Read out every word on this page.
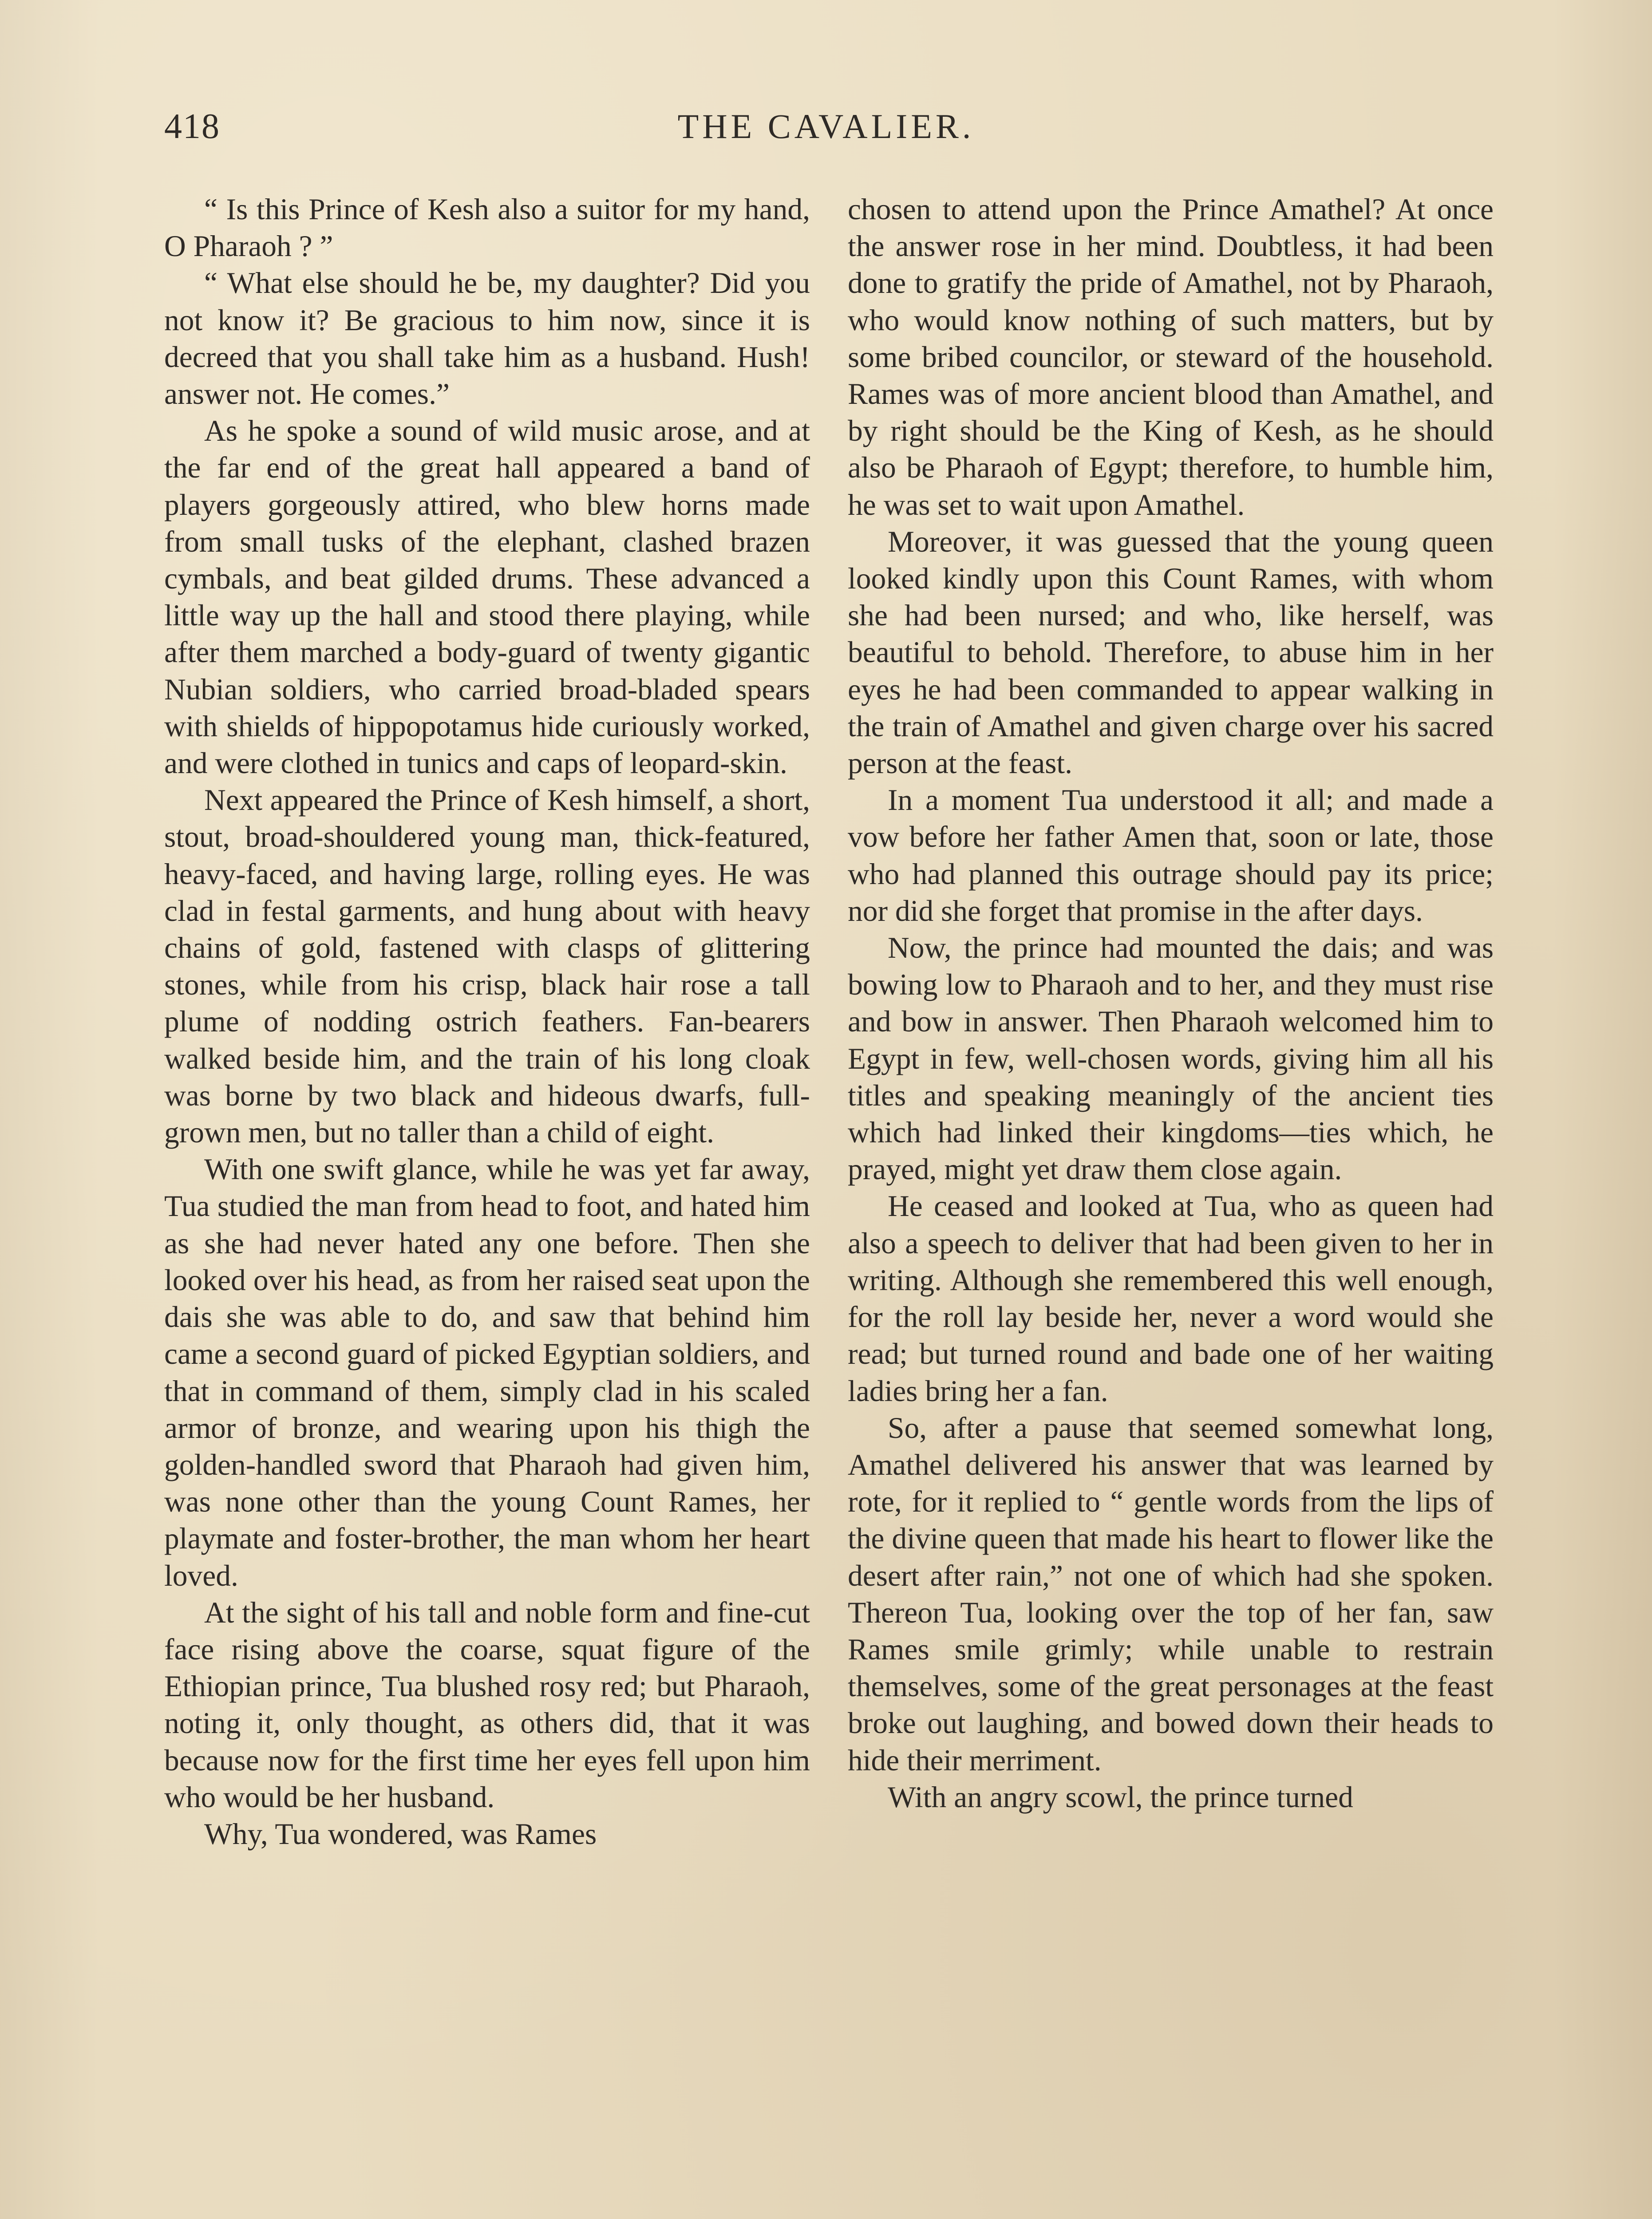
418	THE CAVALIER.

“ Is this Prince of Kesh also a suitor for my hand, O Pharaoh ? ”

“ What else should he be, my daughter? Did you not know it? Be gracious to him now, since it is decreed that you shall take him as a husband. Hush! answer not. He comes.”

As he spoke a sound of wild music arose, and at the far end of the great hall appeared a band of players gorgeously attired, who blew horns made from small tusks of the elephant, clashed brazen cymbals, and beat gilded drums. These advanced a little way up the hall and stood there playing, while after them marched a body-guard of twenty gigantic Nubian soldiers, who carried broad-bladed spears with shields of hippopotamus hide curiously worked, and were clothed in tunics and caps of leopard-skin.

Next appeared the Prince of Kesh himself, a short, stout, broad-shouldered young man, thick-featured, heavy-faced, and having large, rolling eyes. He was clad in festal garments, and hung about with heavy chains of gold, fastened with clasps of glittering stones, while from his crisp, black hair rose a tall plume of nodding ostrich feathers. Fan-bearers walked beside him, and the train of his long cloak was borne by two black and hideous dwarfs, full-grown men, but no taller than a child of eight.

With one swift glance, while he was yet far away, Tua studied the man from head to foot, and hated him as she had never hated any one before. Then she looked over his head, as from her raised seat upon the dais she was able to do, and saw that behind him came a second guard of picked Egyptian soldiers, and that in command of them, simply clad in his scaled armor of bronze, and wearing upon his thigh the golden-handled sword that Pharaoh had given him, was none other than the young Count Rames, her playmate and foster-brother, the man whom her heart loved.

At the sight of his tall and noble form and fine-cut face rising above the coarse, squat figure of the Ethiopian prince, Tua blushed rosy red; but Pharaoh, noting it, only thought, as others did, that it was because now for the first time her eyes fell upon him who would be her husband.

Why, Tua wondered, was Rames

chosen to attend upon the Prince Amathel? At once the answer rose in her mind. Doubtless, it had been done to gratify the pride of Amathel, not by Pharaoh, who would know nothing of such matters, but by some bribed councilor, or steward of the household. Rames was of more ancient blood than Amathel, and by right should be the King of Kesh, as he should also be Pharaoh of Egypt; therefore, to humble him, he was set to wait upon Amathel.

Moreover, it was guessed that the young queen looked kindly upon this Count Rames, with whom she had been nursed; and who, like herself, was beautiful to behold. Therefore, to abuse him in her eyes he had been commanded to appear walking in the train of Amathel and given charge over his sacred person at the feast.

In a moment Tua understood it all; and made a vow before her father Amen that, soon or late, those who had planned this outrage should pay its price; nor did she forget that promise in the after days.

Now, the prince had mounted the dais; and was bowing low to Pharaoh and to her, and they must rise and bow in answer. Then Pharaoh welcomed him to Egypt in few, well-chosen words, giving him all his titles and speaking meaningly of the ancient ties which had linked their kingdoms—ties which, he prayed, might yet draw them close again.

He ceased and looked at Tua, who as queen had also a speech to deliver that had been given to her in writing. Although she remembered this well enough, for the roll lay beside her, never a word would she read; but turned round and bade one of her waiting ladies bring her a fan.

So, after a pause that seemed somewhat long, Amathel delivered his answer that was learned by rote, for it replied to “ gentle words from the lips of the divine queen that made his heart to flower like the desert after rain,” not one of which had she spoken. Thereon Tua, looking over the top of her fan, saw Rames smile grimly; while unable to restrain themselves, some of the great personages at the feast broke out laughing, and bowed down their heads to hide their merriment.

With an angry scowl, the prince turned
